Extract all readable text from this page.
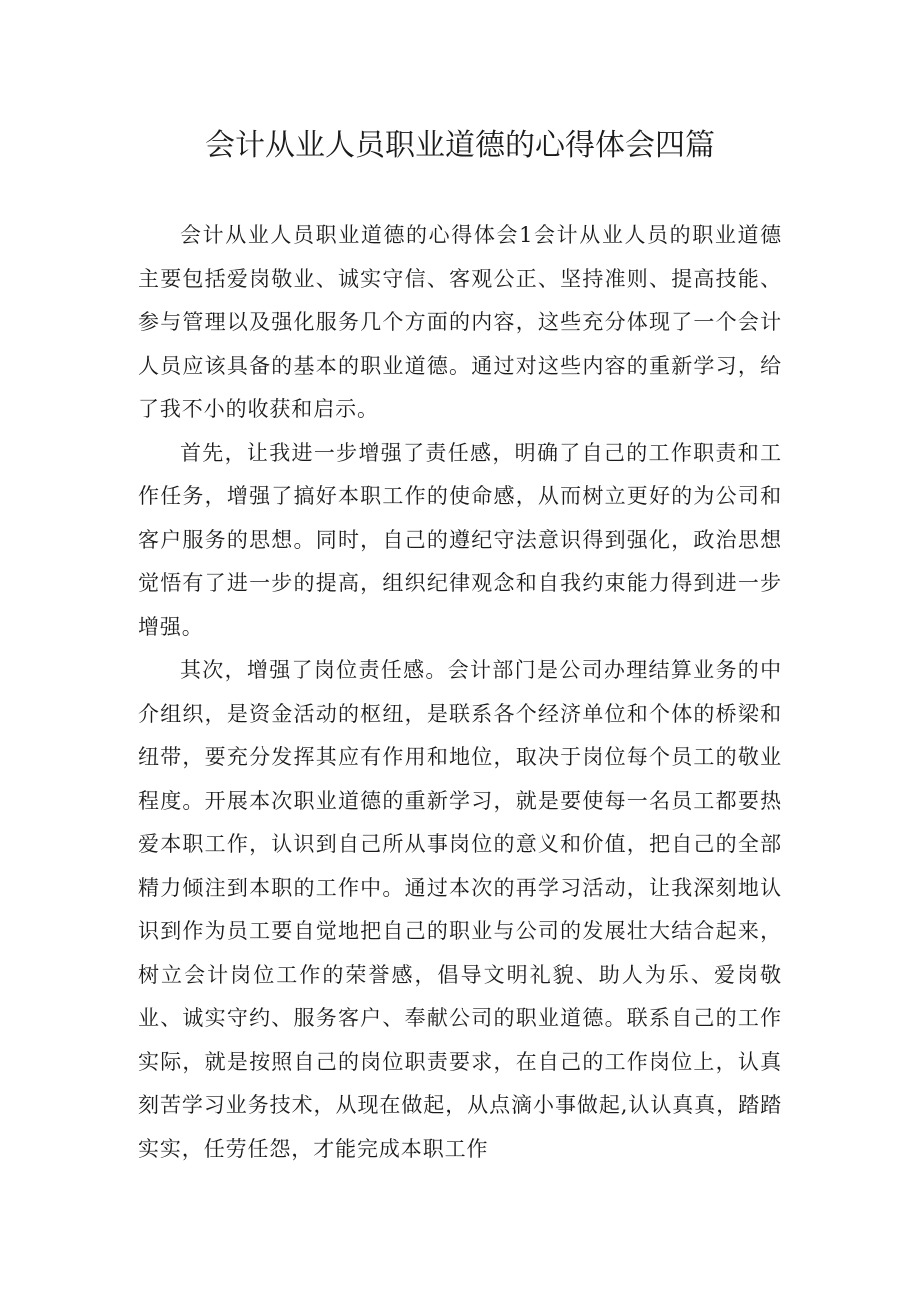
会计从业人员职业道德的心得体会四篇

会计从业人员职业道德的心得体会1会计从业人员的职业道德主要包括爱岗敬业、诚实守信、客观公正、坚持准则、提高技能、参与管理以及强化服务几个方面的内容，这些充分体现了一个会计人员应该具备的基本的职业道德。通过对这些内容的重新学习，给了我不小的收获和启示。

首先，让我进一步增强了责任感，明确了自己的工作职责和工作任务，增强了搞好本职工作的使命感，从而树立更好的为公司和客户服务的思想。同时，自己的遵纪守法意识得到强化，政治思想觉悟有了进一步的提高，组织纪律观念和自我约束能力得到进一步增强。

其次，增强了岗位责任感。会计部门是公司办理结算业务的中介组织，是资金活动的枢纽，是联系各个经济单位和个体的桥梁和纽带，要充分发挥其应有作用和地位，取决于岗位每个员工的敬业程度。开展本次职业道德的重新学习，就是要使每一名员工都要热爱本职工作，认识到自己所从事岗位的意义和价值，把自己的全部精力倾注到本职的工作中。通过本次的再学习活动，让我深刻地认识到作为员工要自觉地把自己的职业与公司的发展壮大结合起来，树立会计岗位工作的荣誉感，倡导文明礼貌、助人为乐、爱岗敬业、诚实守约、服务客户、奉献公司的职业道德。联系自己的工作实际，就是按照自己的岗位职责要求，在自己的工作岗位上，认真刻苦学习业务技术，从现在做起，从点滴小事做起,认认真真，踏踏实实，任劳任怨，才能完成本职工作
